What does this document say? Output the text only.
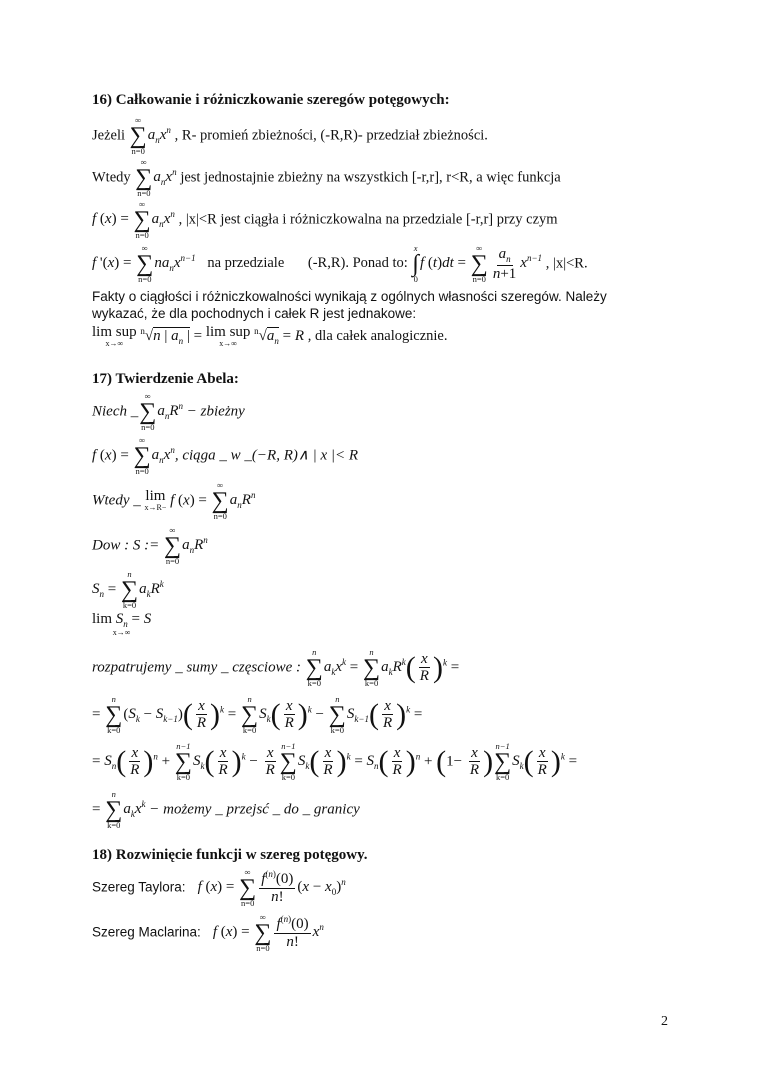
16) Całkowanie i różniczkowanie szeregów potęgowych:
Jeżeli
∞
∑
n=0
$a_nx^n$ , R- promień zbieżności, (-R,R)- przedział zbieżności.
Wtedy
∞
∑
n=0
$a_nx^n$ jest jednostajnie zbieżny na wszystkich [-r,r], r<R, a więc funkcja
f (x) =
∞
∑
n=0
$a_nx^n$ , |x|<R jest ciągła i różniczkowalna na przedziale [-r,r] przy czym
f '(x) =
∞
∑
n=0
$na_nx^{n-1}$ na przedziale (-R,R). Ponad to:
x
∫
0
f (t)dt =
∞
∑
$n=0 \frac{a_n}{n+1} x^{n-1}$ , |x|<R.
Fakty o ciągłości i różniczkowalności wynikają z ogólnych własności szeregów. Należy
wykazać, że dla pochodnych i całek R jest jednakowe:
lim sup
x→∞
$^n$√n | $a_n$ | = lim sup
x→∞
$^n√a_n = R$ , dla całek analogicznie.
17) Twierdzenie Abela:
Niech _
∞
∑
n=0
$a_nR^n$ − zbieżny
f (x) =
∞
∑
n=0
$a_nx^n$, ciąga _ w _(−R, R)∧ | x |< R
Wtedy _ lim
x→R− f (x) =
∞
∑
n=0
$a_nR^n$
Dow : S :=
∞
∑
n=0
$a_nR^n$
$S_n$ =
n
∑
k=0
$a_kR^k$
$\lim S_n = S$
x→∞
rozpatrujemy _ sumy _ częsciowe :
n
∑
k=0
$a_kx^k$ =
n
∑
k=0
$a_kR^k( \frac{x}{R} )^k$ =
=
n
∑
k=0
$(S_k - S_{k-1})( \frac{x}{R} )^k$ =
n
∑
k=0
$S_k( \frac{x}{R} )^k$ −
n
∑
k=0
$S_{k-1}( \frac{x}{R} )^k$ =
= $S_n( \frac{x}{R} )^n$ +
n−1
∑
k=0
$S_k( \frac{x}{R} )^k - \frac{x}{R} n-1$
∑
k=0
$S_k( \frac{x}{R} )^k = S_n( \frac{x}{R} )^n + (1- \frac{x}{R}$ ) n−1
∑
k=0
$S_k( \frac{x}{R} )^k$ =
=
n
∑
k=0
$a_kx^k$ − możemy _ przejsć _ do _ granicy
18) Rozwinięcie funkcji w szereg potęgowy.
Szereg Taylora: f (x) =
∞
∑
$n=0 \frac{f^{(n)}(0)}{n!} (x - x_0)^n$
Szereg Maclarina: f (x) =
∞
∑
$n=0 \frac{f^{(n)}(0)}{n!} x^n$
2
